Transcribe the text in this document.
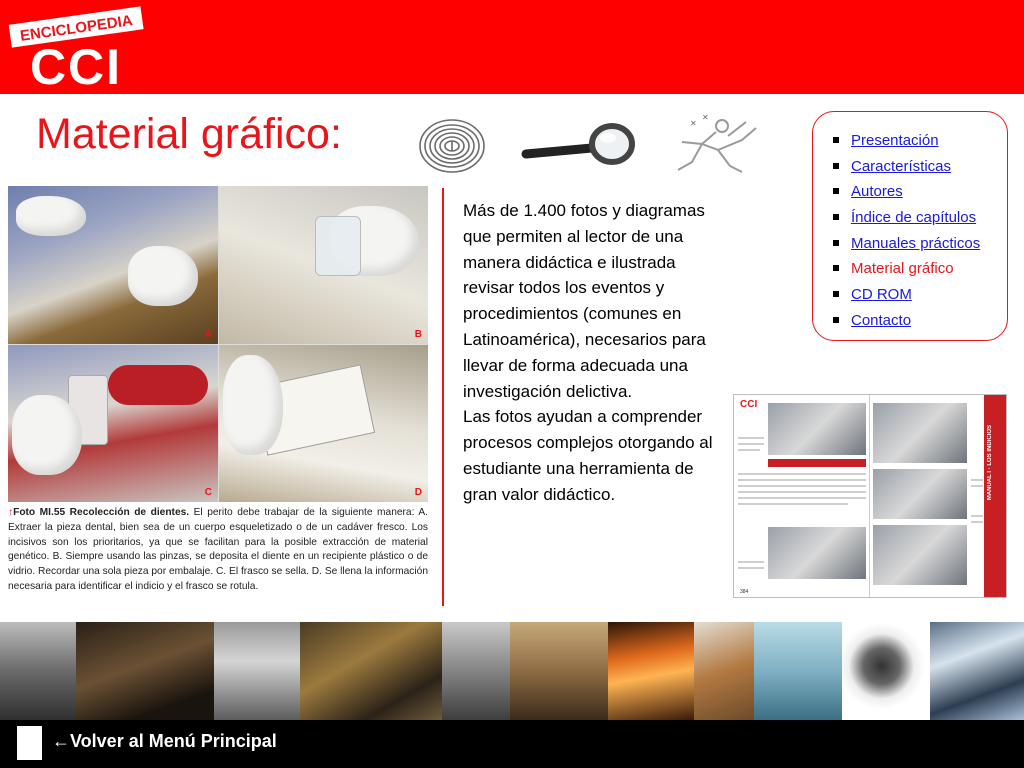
ENCICLOPEDIA
CCI
Material gráfico:	✕
✕
Presentación
Características
Autores
Índice de capítulos
Manuales prácticos
Material gráfico
CD ROM
Contacto
A	B
C	D
↑Foto MI.55 Recolección de dientes. El perito debe trabajar de la siguiente manera: A. Extraer la pieza dental, bien sea de un cuerpo esqueletizado o de un cadáver fresco. Los incisivos son los prioritarios, ya que se facilitan para la posible extracción de material genético. B. Siempre usando las pinzas, se deposita el diente en un recipiente plástico o de vidrio. Recordar una sola pieza por embalaje. C. El frasco se sella. D. Se llena la información necesaria para identificar el indicio y el frasco se rotula.

Más de 1.400 fotos y diagramas que permiten al lector de una manera didáctica e ilustrada revisar todos los eventos y procedimientos (comunes en Latinoamérica), necesarios para llevar de forma adecuada una investigación delictiva.

Las fotos ayudan a comprender procesos complejos otorgando al estudiante una herramienta de gran valor didáctico.

CCI
384
MANUAL I · LOS INDICIOS
←Volver al Menú Principal
